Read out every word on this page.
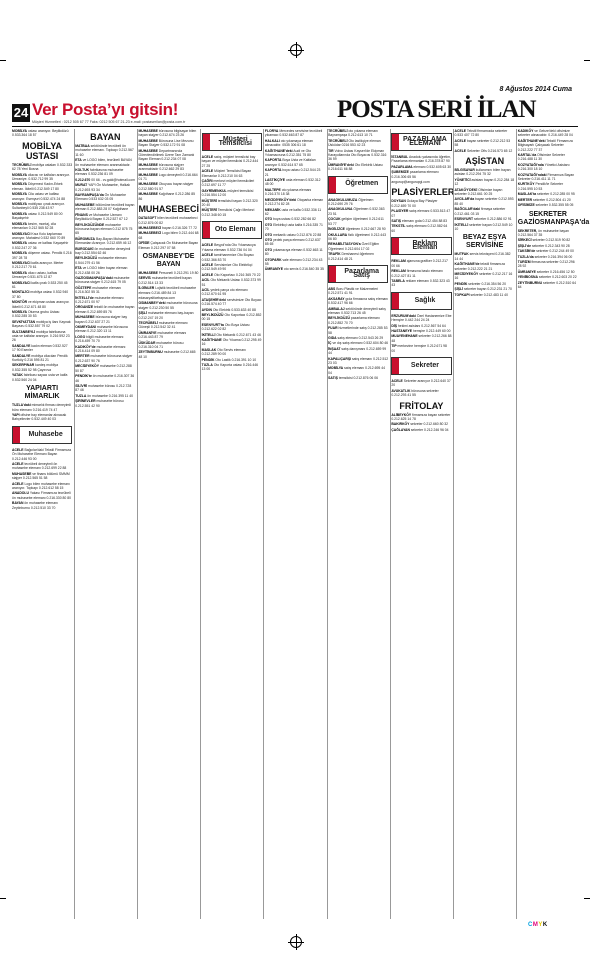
24 Ver Posta’yı gitsin!	POSTA SERİ İLAN
8 Ağustos 2014 Cuma
Müşteri Hizmetleri : 0212 505 67 77 Faks: 0212 505 67 21-23 e-mail: postaserilan@posta.com.tr

MOBİLYA ustası aranıyor. Beylikdüzü 0.533.364 18 57

MOBİLYA USTASI

TECRÜBELİ mobilya ustaları 0.532.333 62 78 Yeni Bosna

MOBİLYA cilacısı ve kalfaları aranıyor. Ümraniye. 0.532.712 99 35

MOBİLYA Döşemeci Kadın-Erkek eleman. İkitelli 0.212.549 17 80

MOBİLYA Cila ustası ve kalfası aranıyor. Esenyurt 0.532.474 24 88

MOBİLYA mobilyacı çırak aranıyor. Sultanbeyli 0.535 238 43 97

MOBİLYA ustası 0.212.549 80 00 Başakşehir

MOBİLYA kesim, montaj, cila elemanları 0.212 565 52 28

MOBİLYACI Kısa Kolu kaplamacı aranıyor. Mahalesi 0.532 660 70 89

MOBİLYA ustası ve kalfası Kayaşehir 0.532.247 27 36

MOBİLYA döşeme ustası. Pendik 0.216 397 28 78

MOBİLYACI kalfa aranıyor. Merter 0.212.217 70 61

MOBİLYA cilacı ustası, kalfası Ümraniye 0.531.675 12 87

MOBİLYACI kalfa çırak 0.533 250 45 61

MONTAJCI mobilya ustası 0.532.940 37 80

MONTÖR ve ekipman ustası aranıyor. İkitelli 0.212.671 48 80

MOBİLYA Oturma grubu Ustası 0.532.285 30 53

SEVKİYATTAN mobilya iş ilanı Kaynak Başvuru 0.532.557 79 02

SULTANBEYLİ mobilya fabrikasına usta ve kalfalar aranıyor. 0.216 592 23 26

SANDALYE kadın eleman 0.532.527 17 90 Esenler

SANDALYE mobilya cilacıları Pendik Kurtköy 0.216 595 81 21

SEKERPINAR kardeş mobilya 0.532.355 52 98 Çayırova

YATAK fabrikası sayacı usta ve kalfa 0.532.560 24 04

YAPIARTI MİMARLIK

TUZLA'daki mimarlık firması deneyimli büro elemanı 0.216.419 74 47

YAPI ofisine bay elemanlar alınacak Bahçelievler 0.532.449 40 03

Muhasebe

ACELE Bağcılar'daki Tekstil Firmamıza Ön Muhasebe Elemanı Bayan 0.212.446 93 00

ACELE tecrübeli deneyimli ön muhasebe elemanı 0.212.699 22 88

MUHASEBE ve finans bölümü SMMM stajyer 0.212.565 51 58

ACELE Logo bilen muhasebe elemanı aranıyor. Topkapı 0.212.612 58 15

ANADOLU Yakası Firmamıza tecrübeli ön muhasebe elemanı 0.216.330 80 80

BAYAN ön muhasebe elemanı Zeytinburnu 0.212.510 33 70

BAYAN

MATBAA sektöründe tecrübeli ön muhasebe elemanı. Topkapı 0.212.567 11 60

ETA ve LOGO bilen, tecrübeli BAYAN ön muhasebe elemanı aranmaktadır.

KOLTUK fabrikasına muhasebe elemanı 0.532.236 81 09

0.212.670 00 66 - cv.gold@hotmail.com

MURAT YAPI Ön Muhasebe, Halkalı 0.212.693 93 34

BAYRAMPAŞA'da Ön Muhasebe Elemanı 0.533 632 03 05

MUHASEBE bölümüne tecrübeli bayan eleman 0.212.883 28 07 Kağıthane

FİNANS ve Muhasebe Uzmanı Beylikdüzü Bayan 0.212.527 67 12

BEYLİKDÜZÜNDE muhasebe bürosuna bayan eleman 0.212 875 75 65

BÜROMUZA Bay-Bayan Muhasebe Elemanları Aranıyor. 0.212.659 46 12

BURODAKİ ön muhasebe deneyimli bay 0.212.554 62 46

BEYLİKDÜZÜ muhasebe elemanı 0.544 279 41 56

ETA ve LOGO bilen bayan eleman 0.212.438 00 26

GAZİOSMANPAŞA'daki muhasebe bürosuna stajyer 0.212.615 79 05

GÖZTEPE muhasebe elemanı 0.216.302 55 31

İKİTELLİ'de muhasebe elemanı 0.212.671 00 97

ORGANİZE tekstil ön muhasebe bayan eleman 0.212.659 85 76

MUHASEBE bürosuna stajyer bay bayan 0.212.637 27 21

OKMEYDANI muhasebe bürosuna eleman 0.212.320 13 11

LOGO bilgili muhasebe elemanı 0.216.459 70 70

KADIKÖY'de muhasebe elemanı 0.216.414 09 80

MERTER muhasebe bürosuna stajyer 0.212.637 90 76

MECİDİYEKÖY muhasebe 0.212.288 50 87

PENDİK'te ön muhasebe 0.216.307 36 46

SİLİVRİ muhasebe bürosu 0.212.728 87 46

TUZLA ön muhasebe 0.216.395 11 40

ŞİRİNEVLER muhasebe bürosu 0.212.551 42 90

MUHASEBE bürosuna bilgisayar bilen bayan stajyer 0.212.674 23 26

MUHASEBE Bürosuna Lise Mezunu Bayan Stajyer 0.532.172 91 08

MUHASEBE Departmanında Görevlendirilmek Üzere Tam Zamanlı Bayan Eleman 0.212.234 07 08

MUHASEBE bürosuna stajyer aranmaktadır 0.212.662 29 83

MUHASEBE Logo deneyimli 0.216.664 01 71

MUHASEBE Okuyucu bayan stajyer 0.212.580 91 57

MUHASEBE Kağıthane 0.212.286 85 86

MUHASEBECİ

DATASOFT bilen tecrübeli muhasebeci 0.212.876 00 82

MUHASEBECİ bayan 0.216.326 77 72

MUHASEBECİ Logo bilen 0.212.444 68 68

OFİSİE Çalışacak Ön Muhasebe Bayan Eleman 0.212 297 07 58

OSMANBEY'DE BAYAN

MUHASEBE Personeli 0.212.291 19 80

SERVİS muhasebe tecrübeli bayan 0.212.514 13 33

İLGİNLER Lojistik tecrübeli muhasebe elemanı 0.216.489 84 13

edasaryalticebapsa.com

OSMANBEY'deki muhasebe bürosuna stajyer 0.212.230 50 55

ŞİŞLİ muhasebe elemanı bay-bayan 0.212.247 19 20

TECRÜBELİ muhasebe elemanı Güneşli 0.212.542 32 41

ÜMRANİYE muhasebe elemanı 0.216.443 87 79

ÜSKÜDAR muhasebe bürosu 0.216.310 04 71

ZEYTİNBURNU muhasebe 0.212.665 48 10

Müşteri Temsilcisi

ACELE satış, müşteri temsilcisi bay bayan ve müşteri temsilcisi 0.212.444 27 25

ACELE Müşteri Temsilcisi Bayan Elemanlar 0.212.210 04 63

ÇAĞRI merkezi müşteri temsilcileri 0.212.697 11 77

GAYRİMENKUL müşteri temsilcisi 0.216.554 12 00

MÜŞTERİ temsilcisi bayan 0.212.320 20 40

MÜŞTERİ Temsilcisi Çağrı Merkezi 0.212.348 60 15

Oto Elemanı

ACELE Beşyol'nda Oto Yıkamacıya Yıkama elemanı 0.532.736 04 04

ACELE tamirhanemize Oto Boyacı 0.532.366 83 70

ACELE Servisimize Oto Elektrikçi 0.212.549 49 90

ACELE Oto Kaportacı 0.216 365 70 22

ACİL Oto Mekanik Ustası 0.532.373 99 51

ACİL yedek parça oto elemanı 0.212.670 61 95

ATAŞEHİR'deki servisimize Oto Boyacı 0.216.574 40 77

AYDIN Oto Elektrik 0.533.633 40 88

BEYLİKDÜZÜ Oto Kaportacı 0.212.852 00 15

ESENYURT'ta Oto Boya Ustası 0.212.622 02 82

İKİTELLİ Oto Mekanik 0.212.671 43 46

KAĞITHANE Oto Yıkama 0.212.295 49 16

MASLAK Oto Servis elemanı 0.212.289 90 00

PENDİK Oto Lastik 0.216.391 10 10

TUZLA Oto Kaporta ustası 0.216.446 13 00

FLORYA Mercedes servisine tecrübeli yıkamacı 0.532.663 87 87

HALKALI oto yıkamaya eleman alınacaktır. 0535 306 61 18

KAĞITHANE'deki Audi ve Oto Yıkamacısına 0.212.351 75 80

KAPORTA Boya Usta ve Kalfaları aranıyor 0.532.614 57 65

KAPORTA boya ustası 0.212.544 23 21

LASTİKÇİYE usta eleman 0.532.312 48 00

MALTEPE oto yıkama elemanı 0.216.370 18 38

MECİDİYEKÖY'deki Otoparka eleman 0.212.274 82 28

MEKANİK usta ve kalfa 0.532.336 11 62

OTO boya ustası 0.532.282 66 82

OTO Elektrikçi usta kalfa 0.216.335 71 70

OTO mekanik ustası 0.212.876 22 88

OTO yedek parça elemanı 0.212.637 85 65

OTO yıkamacıya eleman 0.532.663 11 80

OTOPARK vale elemanı 0.212.234 43 55

ÜMRANİYE oto servis 0.216.540 35 35

TECRÜBELİ oto yıkama elemanı Bayrampaşa 0.212.613 10 71

TECRÜBELİ Oto lastikçiye eleman Üsküdar 0216 553 42 23

TIR Volvo Ustası Kayseri'de Ekipman Karayollarında Oto Boyacısı 0.532.316 36 59

ÜMRANİYE'deki Oto Elektrik Ustası 0.216.611 66 88

Öğretmen

ANAOKULUMUZA Öğretmen 0.212.690 29 76

ANAOKULUNA Öğretmen 0.532.363 23 51

ÇOCUK gelişim öğretmeni 0.212.611 53 77

İNGİLİZCE öğretmen 0.212.667 28 90

OKULLARA fizik öğretmeni 0.212.443 06 80

REHABİLİTASYON'a Özel Eğitim Öğretmeni 0.212.604 17 02

TRAFİK Dershanesi öğretmen 0.212.414 48 21

Pazarlama Satış

ABS Boru Plastik ve Malzemeleri 0.212.571 41 91

AKSARAY gıda firmasına satış elemanı 0.532.417 96 66

AMBALAJ sektöründe deneyimli satış elemanı 0.532.713 26 45

BEYLİKDÜZÜ pazarlama elemanı 0.212.852 70 70

FUAR hizmetlerinde satış 0.212.285 53 58

GIDA satış elemanı 0.212.543 26 29

İÇ ve dış satış elemanı 0.532.604 80 46

İNŞAAT satış danışmanı 0.212.659 99 44

KAPALIÇARŞI satış elemanı 0.212.512 23 03

MOBİLYA satış elemanı 0.212.695 44 04

SATIŞ temsilcisi 0.212.876 06 06

PAZARLAMA ELEMANI

İSTANBUL Anadolu yakasında öğretim, Pazarlama elemanları 0.216.378 87 90

PAZARLAMA elemanı 0.532.605 63 30

ŞUBEMİZE pazarlama elemanı 0.216.306 65 56

angurup@angurupgl.com

PLASİYERLER

DOYSAN Gıdaya Bay Plasiyer 0.212.659 70 00

PLASİYER satış elemanı 0.533.513 47 07

SATIŞ elemanı gıda 0.212.454 88 83

TEKSTİL satış elemanı 0.212.582 64 60

Reklam Eleman

REKLAM ajansına grafiker 0.212.217 00 66

REKLAM firmasına baskı elemanı 0.212.427 81 11

TABELA reklam elemanı 0.532.323 43 43

Sağlık

ERZURUM'daki Özel Hastanemize Ebe Hemşire 0.442 244 24 24

DİŞ hekimi asistanı 0.212.567 54 64

HASTANEYE hemşire 0.212.449 60 00

MUAYENEHANE sekreter 0.212.266 88 48

TIP merkezine hemşire 0.212.671 98 00

Sekreter

ACELE Sekreter aranıyor 0.212.640 37 20

AVUKATLIK bürosuna sekreter 0.212.293 41 55

FRİTOLAY

ALİBEYKÖY firmamıza bayan sekreter 0.212.625 14 78

BAKIRKÖY sekreter 0.212.660 80 32

ÇAĞLAYAN sekreter 0.212.246 96 04

ACELE Tekstil firmamızda sekreter 0.533 407 72 80

ACELE bayan sekreter 0.212.212 53 58

ACELE Sekreter Ofis 0.216.573 65 12

AŞİSTAN

BİLGİSAYAR kullanımını bilen bayan asistan 0.212.294 75 32

YÖNETİCİ asistanı bayan 0.212.284 18 12

ATAKÖY'DEKİ Ofisimize bayan sekreter 0.212.661 00 25

AVCILAR'da bayan sekreter 0.212.593 85 40

BAĞCILAR'daki firmaya sekreter 0.212.461 03 15

ESENYURT sekreter 0.212.886 02 91

İKİTELLİ sekreter bayan 0.212.549 10 10

BEYAZ EŞYA SERVİSİNE

MUTFAK servis teknisyeni 0.216.382 14 44

KAĞITHANE'de tekstil firmamıza sekreter 0.212.222 21 21

MECİDİYEKÖY sekreter 0.212.217 16 16

PENDİK sekreter 0.216.354 56 20

ŞİŞLİ sekreter bayan 0.212.231 21 70

TOPKAPI sekreter 0.212.483 11 40

KADIKÖY ve Gebze'deki ofisimize sekreter alınacaktır. 0.216.449 28 04

KAĞITHANE'deki Tekstil Firmamıza Bilgisayarlı Çalışacak Sekreter 0.212.222 77 37

KARTAL'da Ofisimize Sekreter 0.216.488 11 30

KOZYATAĞI'nda Yönetici Asistanı 0.216.300 18 10

KOZYATAĞI'ndaki Firmamıza Bayan Sekreter 0.216.411 11 71

KURTKÖY Pendik'te Sekreter 0.216.595 10 53

MASLAK'ta sekreter 0.212.285 00 95

MERTER sekreter 0.212.504 41 20

OFİSİMİZE sekreter 0.532.355 55 05

SEKRETER GAZİOSMANPAŞA'da

SEKRETER, ön muhasebe bayan 0.212.564 37 35

SİRKECİ sekreter 0.212.519 90 82

ŞİŞLİ'de sekreter 0.212.343 90 28

TAKSİM'de sekreter 0.212.244 49 00

TUZLA'da sekreter 0.216.394 06 00

TURİZM firmasına sekreter 0.212.296 28 92

ÜMRANİYE sekreter 0.216.456 12 50

YENİBOSNA sekreter 0.212.603 20 22

ZEYTİNBURNU sekreter 0.212.510 64 64

CMYK
